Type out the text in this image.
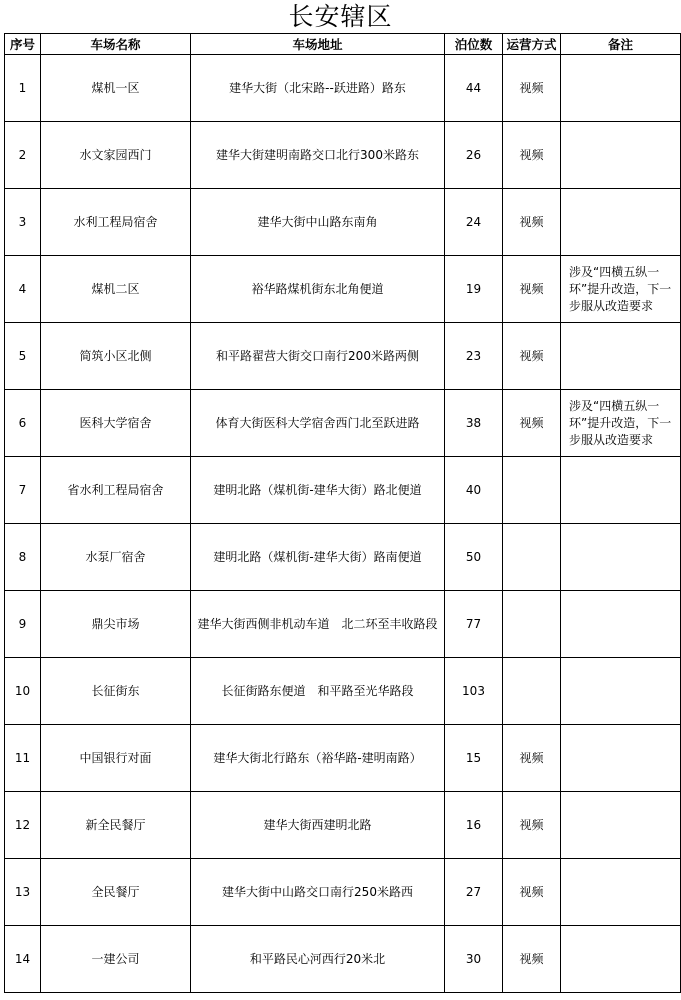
长安辖区
序号	车场名称	车场地址	泊位数	运营方式	备注
1	煤机一区	建华大街（北宋路--跃进路）路东	44	视频	
2	水文家园西门	建华大街建明南路交口北行300米路东	26	视频	
3	水利工程局宿舍	建华大街中山路东南角	24	视频	
4	煤机二区	裕华路煤机街东北角便道	19	视频	涉及“四横五纵一环”提升改造，下一步服从改造要求
5	简筑小区北侧	和平路翟营大街交口南行200米路两侧	23	视频	
6	医科大学宿舍	体育大街医科大学宿舍西门北至跃进路	38	视频	涉及“四横五纵一环”提升改造，下一步服从改造要求
7	省水利工程局宿舍	建明北路（煤机街-建华大街）路北便道	40		
8	水泵厂宿舍	建明北路（煤机街-建华大街）路南便道	50		
9	鼎尖市场	建华大街西侧非机动车道　北二环至丰收路段	77		
10	长征街东	长征街路东便道　和平路至光华路段	103		
11	中国银行对面	建华大街北行路东（裕华路-建明南路）	15	视频	
12	新全民餐厅	建华大街西建明北路	16	视频	
13	全民餐厅	建华大街中山路交口南行250米路西	27	视频	
14	一建公司	和平路民心河西行20米北	30	视频	
